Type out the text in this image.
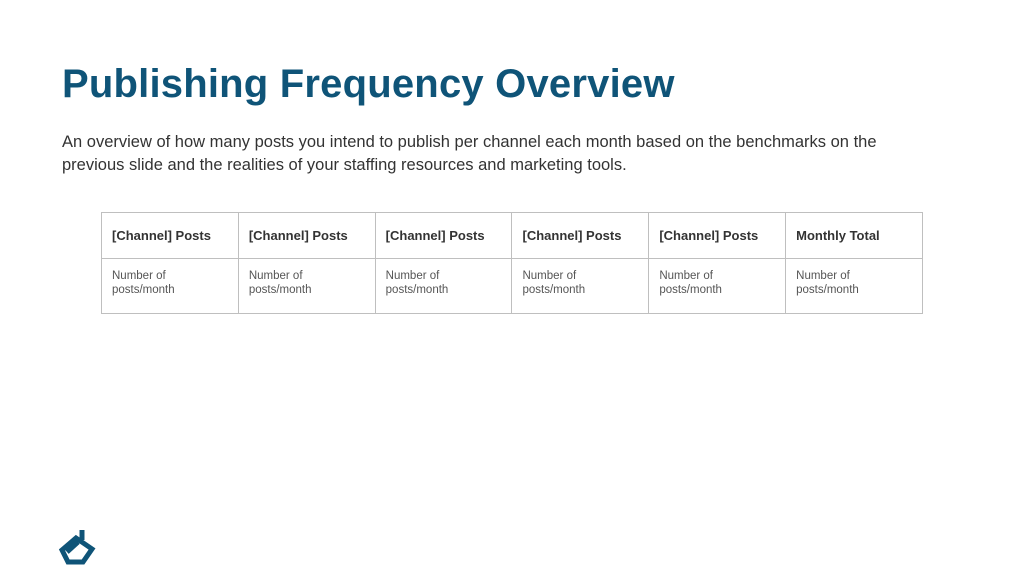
Publishing Frequency Overview

An overview of how many posts you intend to publish per channel each month based on the benchmarks on the previous slide and the realities of your staffing resources and marketing tools.

[Channel] Posts	[Channel] Posts	[Channel] Posts	[Channel] Posts	[Channel] Posts	Monthly Total
Number of posts/month	Number of posts/month	Number of posts/month	Number of posts/month	Number of posts/month	Number of posts/month
